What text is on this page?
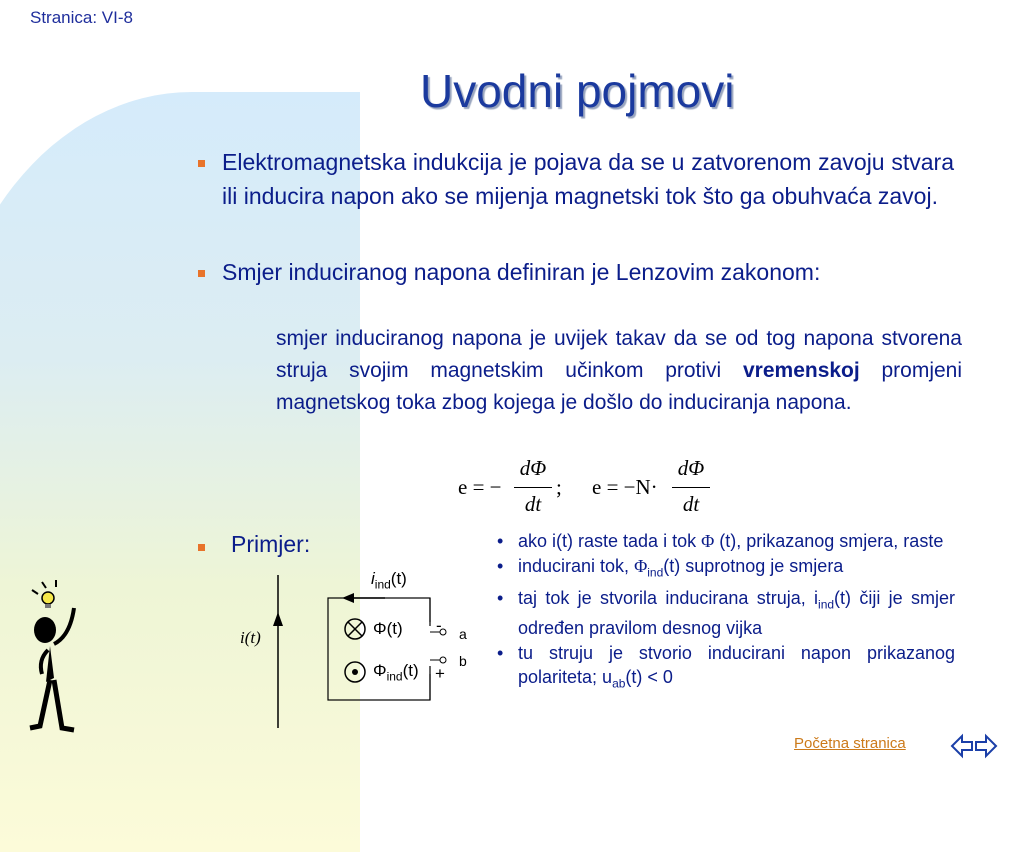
Stranica: VI-8
Uvodni pojmovi
Elektromagnetska indukcija je pojava da se u zatvorenom zavoju stvara ili inducira napon ako se mijenja magnetski tok što ga obuhvaća zavoj.
Smjer induciranog napona definiran je Lenzovim zakonom:
smjer induciranog napona je uvijek takav da se od tog napona stvorena struja svojim magnetskim učinkom protivi vremenskoj promjeni magnetskog toka zbog kojega je došlo do induciranja napona.
e = −
dΦ
dt
; e = −N·
dΦ
dt
Primjer:
i(t)
$i_{ind}(t)$
Φ(t)
$\Phi_{ind}(t)$
-
+
a
b
• ako i(t) raste tada i tok Φ (t), prikazanog smjera, raste
• inducirani tok, $\Phi_{ind}(t)$ suprotnog je smjera
• taj tok je stvorila inducirana struja, $i_{ind}(t)$ čiji je smjer određen pravilom desnog vijka
• tu struju je stvorio inducirani napon prikazanog polariteta; $u_{ab}(t) < 0$
Početna stranica
